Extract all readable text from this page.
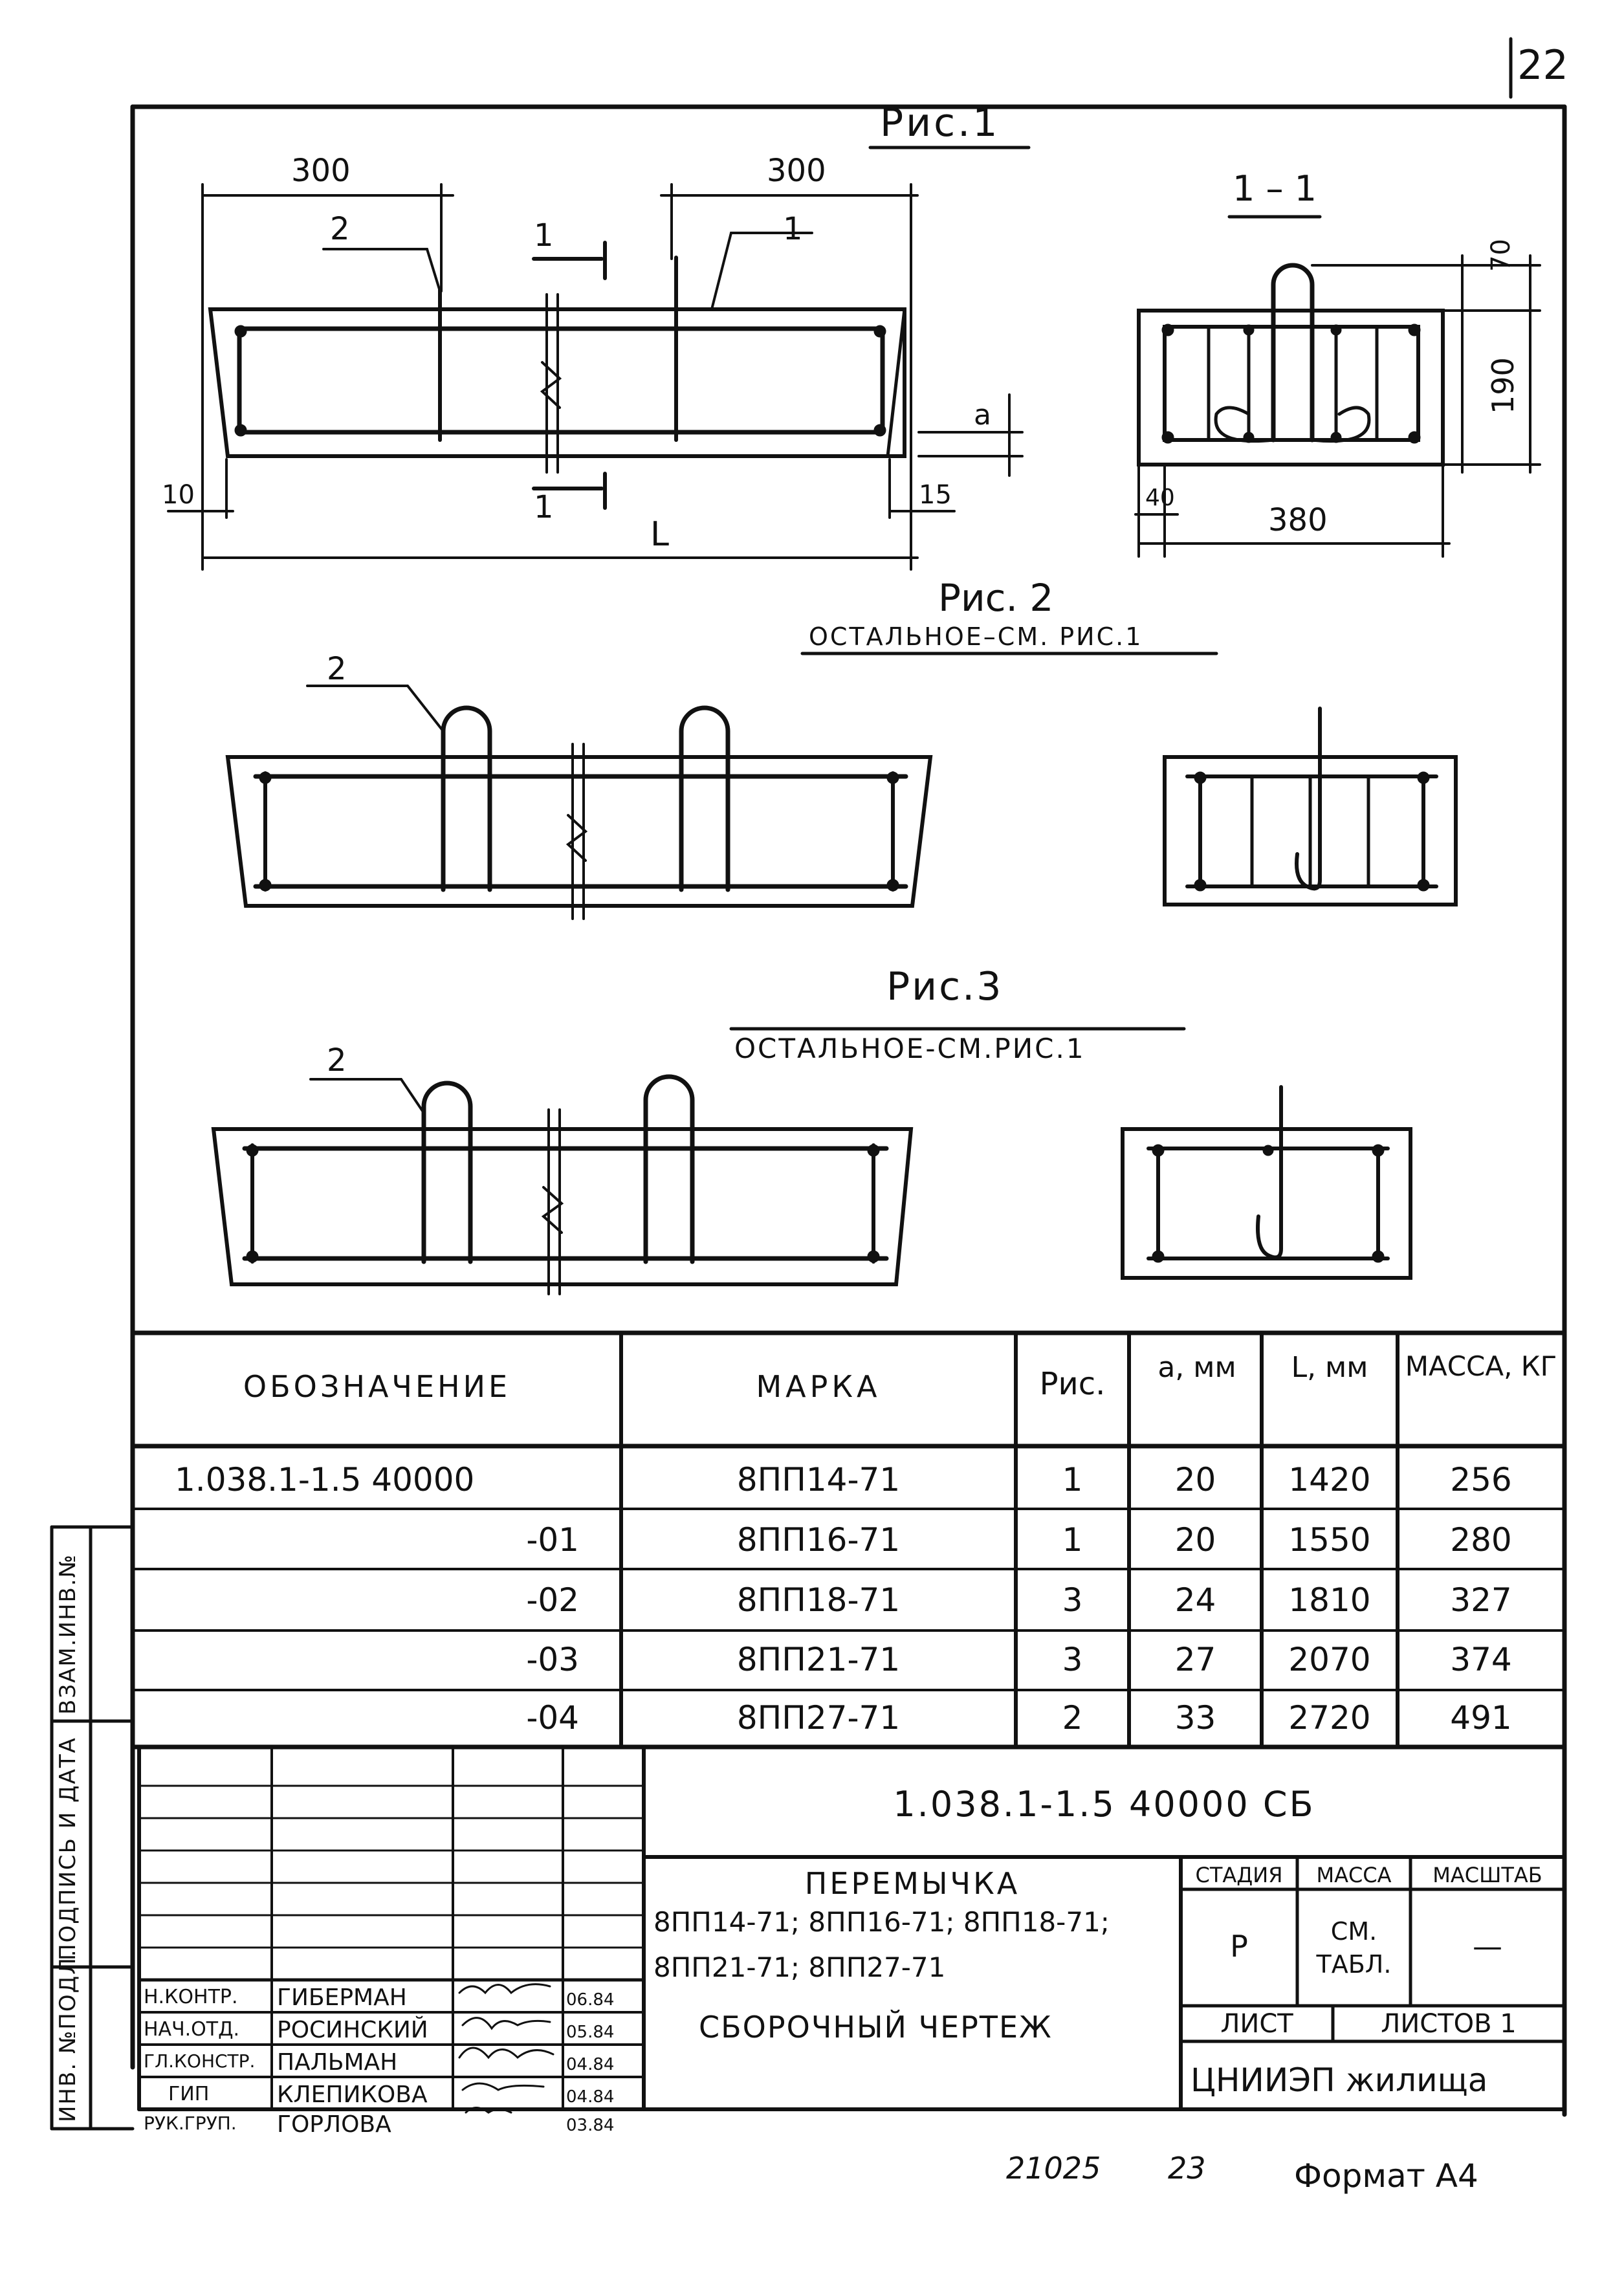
22
Рис.1
300	300
2	1
1
1
10	15
L
a
1 – 1
70
190
40
380
Рис. 2
ОСТАЛЬНОЕ–СМ. РИС.1
2
Рис.3
ОСТАЛЬНОЕ-СМ.РИС.1
2
ОБОЗНАЧЕНИЕ	МАРКА	Рис.	a, мм	L, мм	МАССА, КГ
1.038.1-1.5 40000	8ПП14-71	1	20	1420	256
-01	8ПП16-71	1	20	1550	280
-02	8ПП18-71	3	24	1810	327
-03	8ПП21-71	3	27	2070	374
-04	8ПП27-71	2	33	2720	491
ИНВ. №ПОДЛ.
ПОДПИСЬ И ДАТА
ВЗАМ.ИНВ.№
1.038.1-1.5 40000 СБ
ПЕРЕМЫЧКА
8ПП14-71; 8ПП16-71; 8ПП18-71;
8ПП21-71; 8ПП27-71
СБОРОЧНЫЙ ЧЕРТЕЖ
СТАДИЯ	МАССА	МАСШТАБ
Р	СМ. ТАБЛ.
—
ЛИСТ	ЛИСТОВ 1
ЦНИИЭП жилища
Н.КОНТР. ГИБЕРМАН	06.84
НАЧ.ОТД. РОСИНСКИЙ	05.84
ГЛ.КОНСТР. ПАЛЬМАН	04.84
ГИП	КЛЕПИКОВА	04.84
РУК.ГРУП. ГОРЛОВА	03.84
21025 23	Формат А4
